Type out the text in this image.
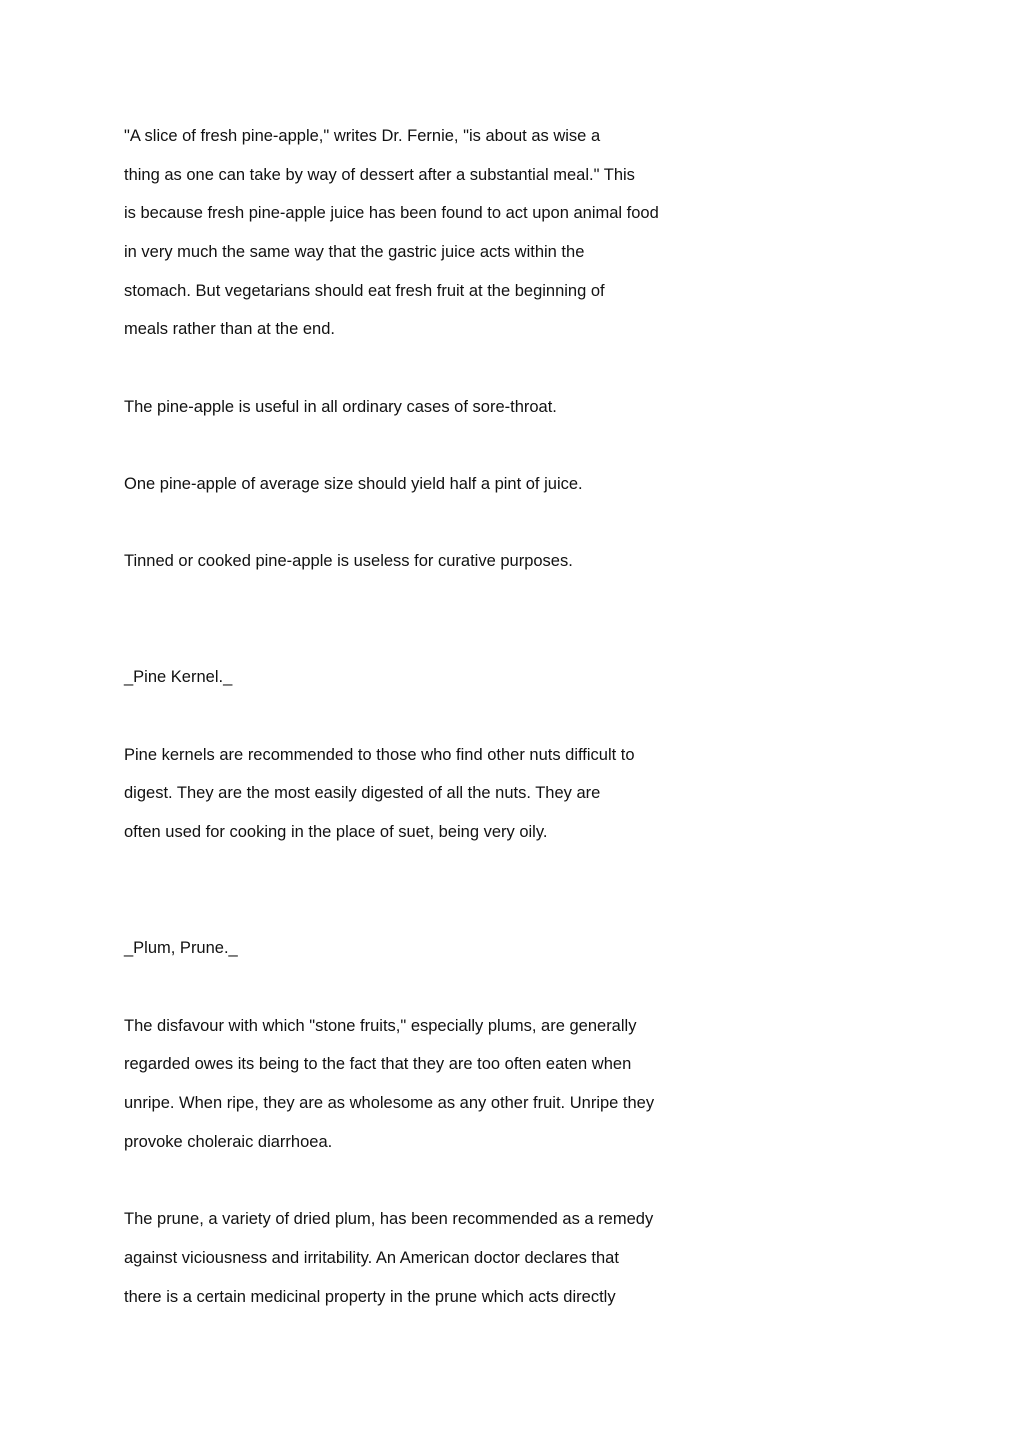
"A slice of fresh pine-apple," writes Dr. Fernie, "is about as wise a
thing as one can take by way of dessert after a substantial meal." This
is because fresh pine-apple juice has been found to act upon animal food
in very much the same way that the gastric juice acts within the
stomach. But vegetarians should eat fresh fruit at the beginning of
meals rather than at the end.
The pine-apple is useful in all ordinary cases of sore-throat.
One pine-apple of average size should yield half a pint of juice.
Tinned or cooked pine-apple is useless for curative purposes.
_Pine Kernel._
Pine kernels are recommended to those who find other nuts difficult to
digest. They are the most easily digested of all the nuts. They are
often used for cooking in the place of suet, being very oily.
_Plum, Prune._
The disfavour with which "stone fruits," especially plums, are generally
regarded owes its being to the fact that they are too often eaten when
unripe. When ripe, they are as wholesome as any other fruit. Unripe they
provoke choleraic diarrhoea.
The prune, a variety of dried plum, has been recommended as a remedy
against viciousness and irritability. An American doctor declares that
there is a certain medicinal property in the prune which acts directly
